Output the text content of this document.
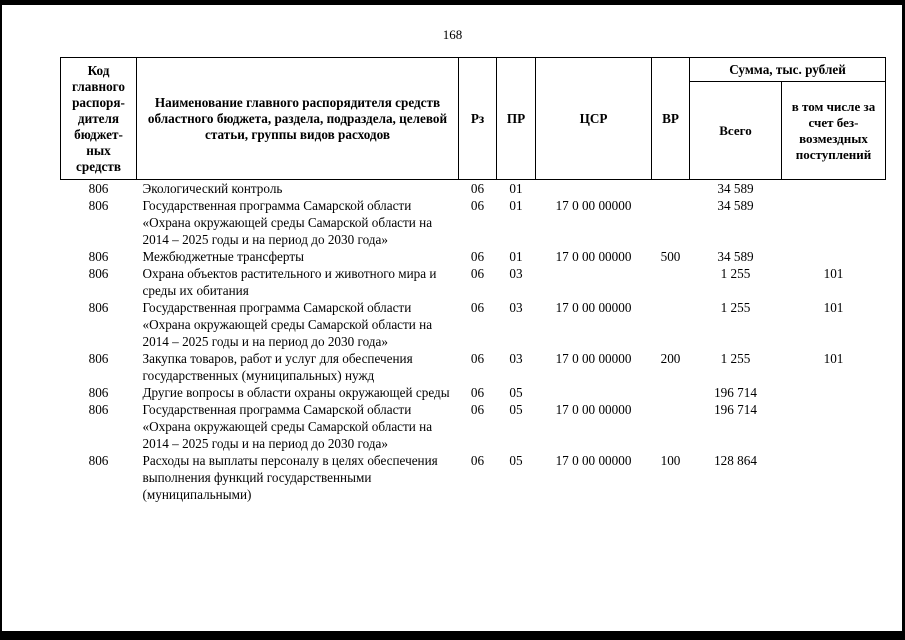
168
Код главного распоря-дителя бюджет-ных средств	Наименование главного распорядителя средств областного бюджета, раздела, подраздела, целевой статьи, группы видов расходов	Рз	ПР	ЦСР	ВР	Сумма, тыс. рублей	
						Всего	в том числе за счет без-возмездных поступлений
806	Экологический контроль	06	01			34 589	
806	Государственная программа Самарской области «Охрана окружающей среды Самарской области на 2014 – 2025 годы и на период до 2030 года»	06	01	17 0 00 00000		34 589	
806	Межбюджетные трансферты	06	01	17 0 00 00000	500	34 589	
806	Охрана объектов растительного и животного мира и среды их обитания	06	03			1 255	101
806	Государственная программа Самарской области «Охрана окружающей среды Самарской области на 2014 – 2025 годы и на период до 2030 года»	06	03	17 0 00 00000		1 255	101
806	Закупка товаров, работ и услуг для обеспечения государственных (муниципальных) нужд	06	03	17 0 00 00000	200	1 255	101
806	Другие вопросы в области охраны окружающей среды	06	05			196 714	
806	Государственная программа Самарской области «Охрана окружающей среды Самарской области на 2014 – 2025 годы и на период до 2030 года»	06	05	17 0 00 00000		196 714	
806	Расходы на выплаты персоналу в целях обеспечения выполнения функций государственными (муниципальными)	06	05	17 0 00 00000	100	128 864	
